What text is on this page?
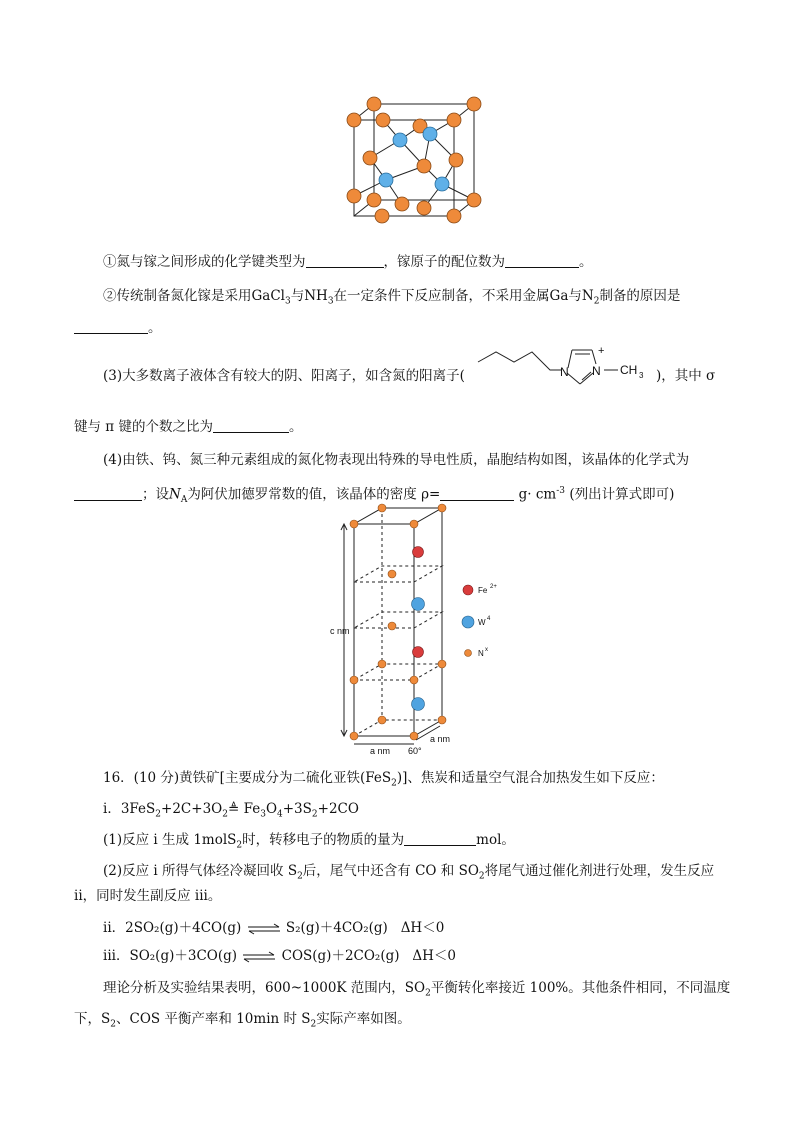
①氮与镓之间形成的化学键类型为	，镓原子的配位数为	。
②传统制备氮化镓是采用GaCl$_3$与$NH_3$在一定条件下反应制备，不采用金属Ga与$N_2$制备的原因是
。
(3)大多数离子液体含有较大的阴、阳离子，如含氮的阳离子(	N N
+
CH 3 )，其中 σ
键与 π 键的个数之比为	。
(4)由铁、钨、氮三种元素组成的氮化物表现出特殊的导电性质，晶胞结构如图，该晶体的化学式为
；设$N_A$为阿伏加德罗常数的值，该晶体的密度 ρ=	$g\cdot cm^{-3}$ (列出计算式即可)
c nm
a nm
a nm
60°
Fe 2+
W 4
N x
16．(10 分)黄铁矿[主要成分为二硫化亚铁(FeS$_2$)]、焦炭和适量空气混合加热发生如下反应：
i．$3FeS_2+2C+3O_2≜$ $Fe_3O_4+3S_2+2CO$
(1)反应 i 生成 1molS$_2$时，转移电子的物质的量为	mol。
(2)反应 i 所得气体经冷凝回收 $S_2$后，尾气中还含有 CO 和 $SO_2$将尾气通过催化剂进行处理，发生反应
ii，同时发生副反应 iii。
ii．2SO₂(g)＋4CO(g) ⇌ S₂(g)＋4CO₂(g) ΔH＜0
iii．SO₂(g)＋3CO(g) ⇌ COS(g)＋2CO₂(g) ΔH＜0
理论分析及实验结果表明，600~1000K 范围内，$SO_2$平衡转化率接近 100%。其他条件相同，不同温度
下，$S_2$、COS 平衡产率和 10min 时 $S_2$实际产率如图。
